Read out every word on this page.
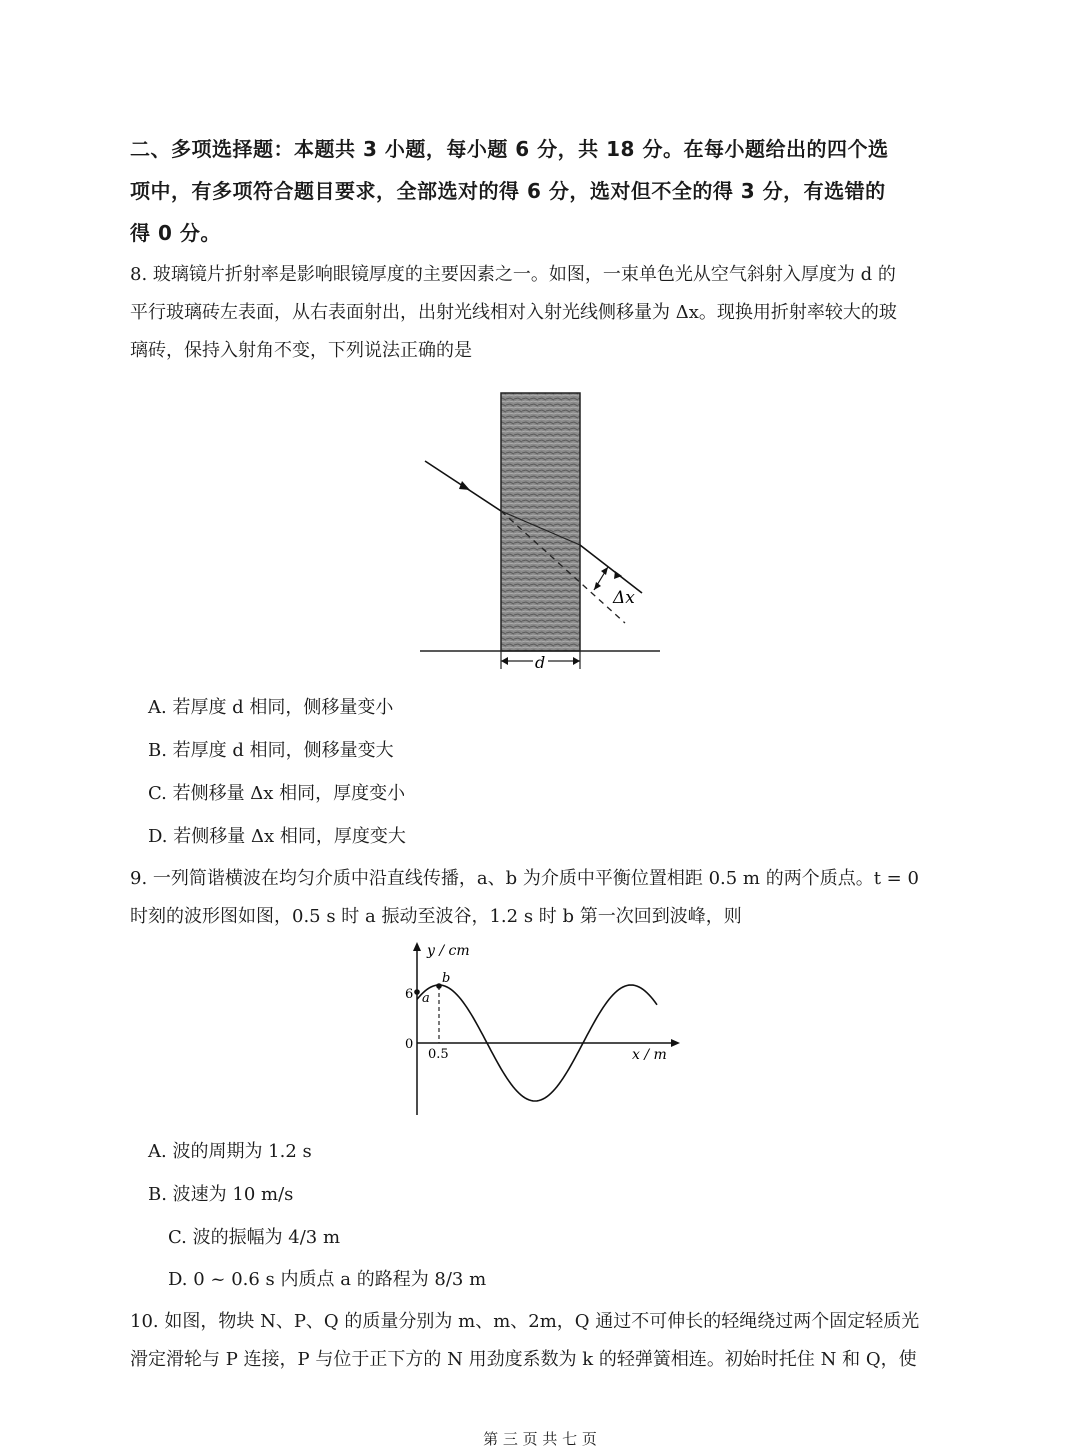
二、多项选择题：本题共 3 小题，每小题 6 分，共 18 分。在每小题给出的四个选
项中，有多项符合题目要求，全部选对的得 6 分，选对但不全的得 3 分，有选错的
得 0 分。
8. 玻璃镜片折射率是影响眼镜厚度的主要因素之一。如图，一束单色光从空气斜射入厚度为 d 的
平行玻璃砖左表面，从右表面射出，出射光线相对入射光线侧移量为 Δx。现换用折射率较大的玻
璃砖，保持入射角不变，下列说法正确的是
Δx
d
A. 若厚度 d 相同，侧移量变小
B. 若厚度 d 相同，侧移量变大
C. 若侧移量 Δx 相同，厚度变小
D. 若侧移量 Δx 相同，厚度变大
9. 一列简谐横波在均匀介质中沿直线传播，a、b 为介质中平衡位置相距 0.5 m 的两个质点。t = 0
时刻的波形图如图，0.5 s 时 a 振动至波谷，1.2 s 时 b 第一次回到波峰，则
y / cm
x / m
6
0
0.5
a
b
A. 波的周期为 1.2 s
B. 波速为 10 m/s
C. 波的振幅为 4/3 m
D. 0 ~ 0.6 s 内质点 a 的路程为 8/3 m
10. 如图，物块 N、P、Q 的质量分别为 m、m、2m，Q 通过不可伸长的轻绳绕过两个固定轻质光
滑定滑轮与 P 连接，P 与位于正下方的 N 用劲度系数为 k 的轻弹簧相连。初始时托住 N 和 Q，使
第 三 页 共 七 页
